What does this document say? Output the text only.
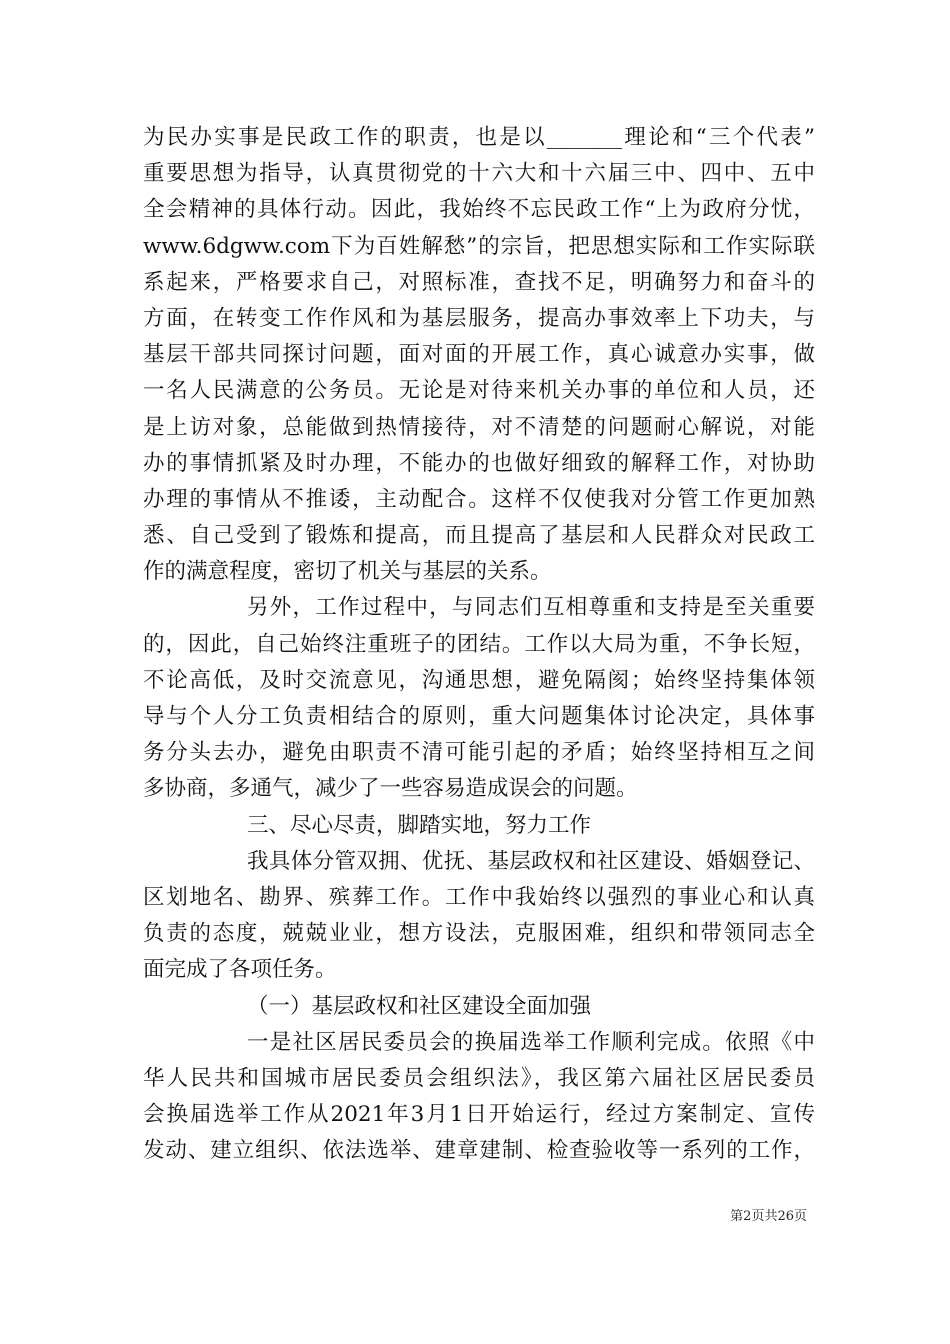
为民办实事是民政工作的职责，也是以_______理论和“三个代表”
重要思想为指导，认真贯彻党的十六大和十六届三中、四中、五中
全会精神的具体行动。因此，我始终不忘民政工作“上为政府分忧，
www.6dgww.com下为百姓解愁”的宗旨，把思想实际和工作实际联
系起来，严格要求自己，对照标准，查找不足，明确努力和奋斗的
方面，在转变工作作风和为基层服务，提高办事效率上下功夫，与
基层干部共同探讨问题，面对面的开展工作，真心诚意办实事，做
一名人民满意的公务员。无论是对待来机关办事的单位和人员，还
是上访对象，总能做到热情接待，对不清楚的问题耐心解说，对能
办的事情抓紧及时办理，不能办的也做好细致的解释工作，对协助
办理的事情从不推诿，主动配合。这样不仅使我对分管工作更加熟
悉、自己受到了锻炼和提高，而且提高了基层和人民群众对民政工
作的满意程度，密切了机关与基层的关系。
另外，工作过程中，与同志们互相尊重和支持是至关重要
的，因此，自己始终注重班子的团结。工作以大局为重，不争长短，
不论高低，及时交流意见，沟通思想，避免隔阂；始终坚持集体领
导与个人分工负责相结合的原则，重大问题集体讨论决定，具体事
务分头去办，避免由职责不清可能引起的矛盾；始终坚持相互之间
多协商，多通气，减少了一些容易造成误会的问题。
三、尽心尽责，脚踏实地，努力工作
我具体分管双拥、优抚、基层政权和社区建设、婚姻登记、
区划地名、勘界、殡葬工作。工作中我始终以强烈的事业心和认真
负责的态度，兢兢业业，想方设法，克服困难，组织和带领同志全
面完成了各项任务。
（一）基层政权和社区建设全面加强
一是社区居民委员会的换届选举工作顺利完成。依照《中
华人民共和国城市居民委员会组织法》，我区第六届社区居民委员
会换届选举工作从2021年3月1日开始运行，经过方案制定、宣传
发动、建立组织、依法选举、建章建制、检查验收等一系列的工作，
第2页共26页
